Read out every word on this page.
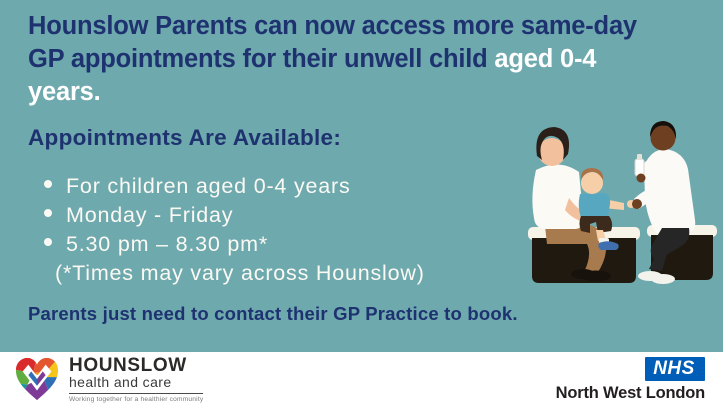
Hounslow Parents can now access more same-day GP appointments for their unwell child aged 0-4 years.
Appointments Are Available:
For children aged 0-4 years
Monday - Friday
5.30 pm – 8.30 pm*

(*Times may vary across Hounslow)

Parents just need to contact their GP Practice to book.
HOUNSLOW
health and care
Working together for a healthier community
NHS
North West London
